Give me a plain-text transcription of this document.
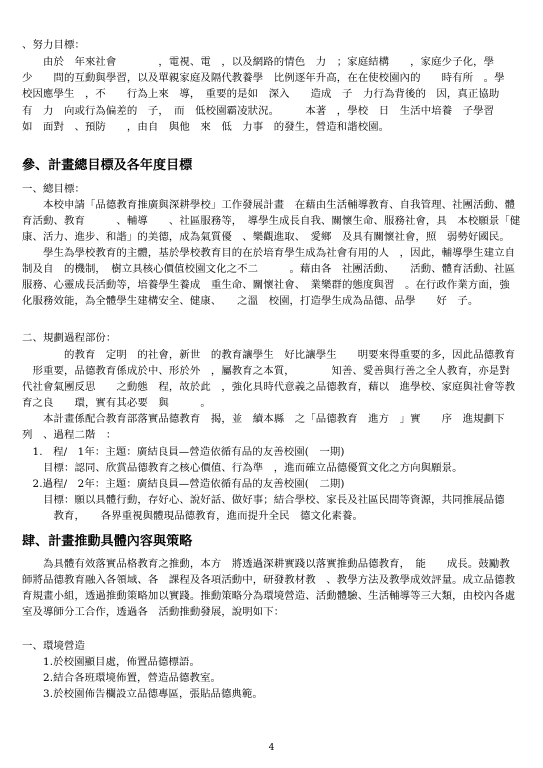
、努力目標：
　　由於　年來社會　　　　，電視、電　，以及網路的情色　力　；家庭結構　　，家庭少子化，學
少　　問的互動與學習，以及單親家庭及隔代教養學　比例逐年升高，在在使校園內的　　時有所　。學
校因應學生　，不　　行為上來　導，　重要的是如　深入　　造成　子　力行為背後的　因，真正協助
有　力　向或行為偏差的　子，　而　低校園霸凌狀況。　　　本著　，學校　日　生活中培養　子學習
如　面對　、預防　　，由自　與他　來　低　力事　的發生，營造和諧校園。
參、計畫總目標及各年度目標
一、總目標：
　　本校申請「品德教育推廣與深耕學校」工作發展計畫　在藉由生活輔導教育、自我管理、社團活動、體
育活動、教育　　　、輔導　　、社區服務等，　導學生成長自我、關懷生命、服務社會，具　本校願景「健
康、活力、進步、和諧」的美德，成為氣質優　、樂觀進取、　愛鄉　及具有關懷社會，照　弱勢好國民。
　　學生為學校教育的主體，基於學校教育目的在於培育學生成為社會有用的人　，因此，輔導學生建立自
制及自　的機制，　樹立具核心價值校園文化之不二　　　。藉由各　社團活動、　　活動、體育活動、社區
服務、心靈成長活動等，培養學生養成　重生命、關懷社會、　業樂群的態度與習　。在行政作業方面，強
化服務效能，為全體學生建構安全、健康、　　之溫　校園，打造學生成為品德、品學　　好　子。
二、規劃過程部份：
　　　　的教育　定明　的社會，新世　的教育讓學生　好比讓學生　　明要來得重要的多，因此品德教育
　形重要，品德教育係成於中、形於外　，屬教育之本質，　　　　知善、愛善與行善之全人教育，亦是對
代社會氣團反思　　之動態　程，故於此　，強化具時代意義之品德教育，藉以　進學校、家庭與社會等教
育之良　　環，實有其必要　與　　　。
　　本計畫係配合教育部落實品德教育　揭，並　續本縣　之「品德教育　進方　」實　　序　進規劃下
列　、過程二階　：
　1.　程/　1年：主題：廣結良員—營造依循有品的友善校園(　一期)
　　目標：認同、欣賞品德教育之核心價值、行為準　，進而確立品德優質文化之方向與願景。
　2.過程/　2年：主題：廣結良員—營造依循有品的友善校園(　二期)
　　目標：願以具體行動，存好心、說好話、做好事；結合學校、家長及社區民間等資源，共同推展品德
　　　教育，　　各界重視與體現品德教育，進而提升全民　德文化素養。
肆、計畫推動具體內容與策略
　　為具體有效落實品格教育之推動，本方　將透過深耕實踐以落實推動品德教育，　能　　成長。鼓勵教
師將品德教育融入各領域、各　課程及各項活動中，研發教材教　、教學方法及教學成效評量。成立品德教
育規畫小組，透過推動策略加以實踐。推動策略分為環境營造、活動體驗、生活輔導等三大類，由校內各處
室及導師分工合作，透過各　活動推動發展，說明如下：
一、環境營造
　　1.於校園顯目處，佈置品德標語。
　　2.結合各班環境佈置，營造品德教室。
　　3.於校園佈告欄設立品德專區，張貼品德典範。
4
